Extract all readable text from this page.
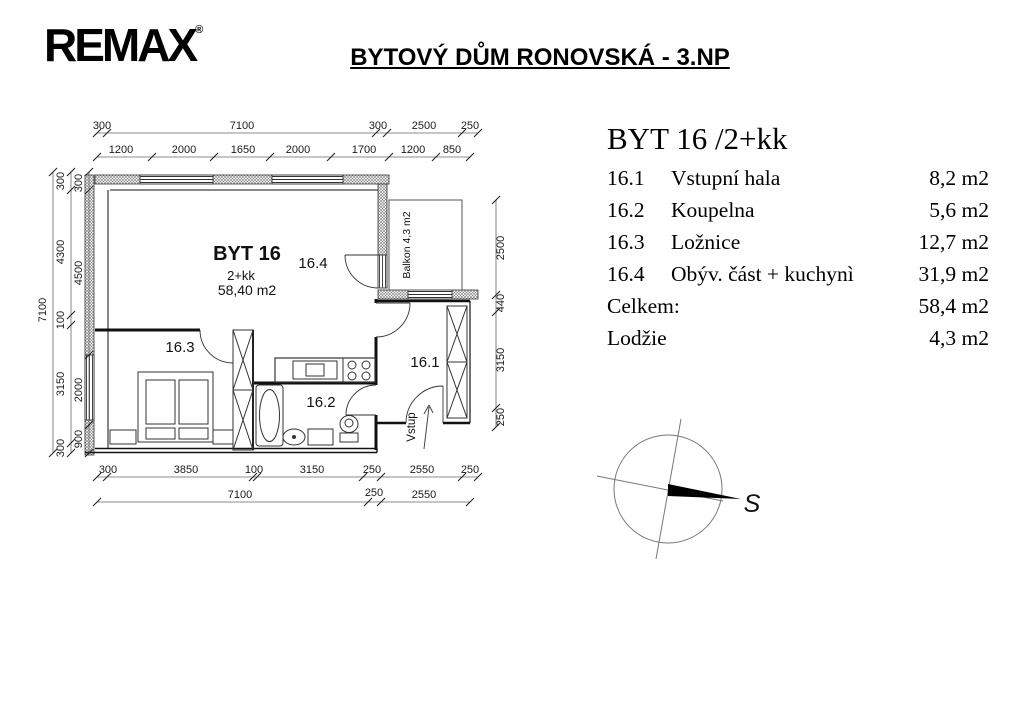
REMAX®
BYTOVÝ DŮM RONOVSKÁ - 3.NP
BYT 16 /2+kk
16.1	Vstupní hala	8,2 m2
16.2	Koupelna	5,6 m2
16.3	Ložnice	12,7 m2
16.4	Obýv. část + kuchynì	31,9 m2
Celkem:	58,4 m2
Lodžie	4,3 m2
Balkon 4,3 m2
Vstup
BYT 16
2+kk
58,40 m2
16.4
16.3
16.2
16.1
300	7100	300 2500 250
1200	2000	1650	2000	1700 1200 850
7100
300
4300
100
3150
300
300
4500
2000
900
2500
440
3150
250
300	3850	100	3150	250	2550 250
7100	250	2550	S
